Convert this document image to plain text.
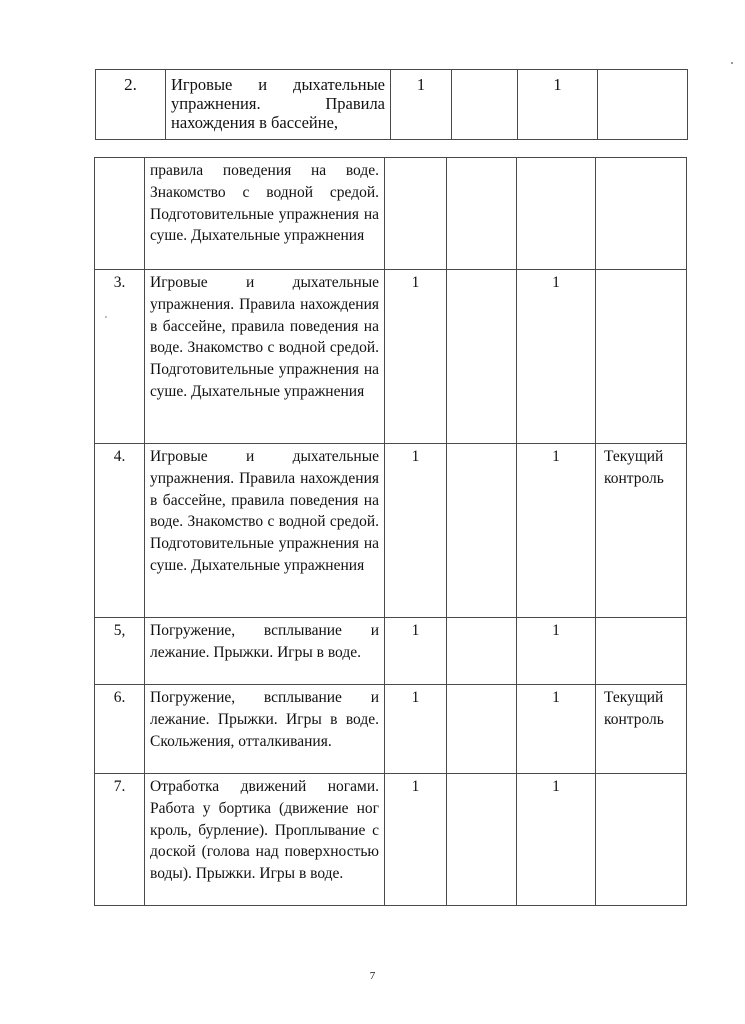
2.	Игровые и дыхательные упражнения. Правила нахождения в бассейне,	1		1	
	правила поведения на воде. Знакомство с водной средой. Подготовительные упражнения на суше. Дыхательные упражнения				
3.	Игровые и дыхательные упражнения. Правила нахождения в бассейне, правила поведения на воде. Знакомство с водной средой. Подготовительные упражнения на суше. Дыхательные упражнения	1		1	
4.	Игровые и дыхательные упражнения. Правила нахождения в бассейне, правила поведения на воде. Знакомство с водной средой. Подготовительные упражнения на суше. Дыхательные упражнения	1		1	Текущий контроль
5,	Погружение, всплывание и лежание. Прыжки. Игры в воде.	1		1	
6.	Погружение, всплывание и лежание. Прыжки. Игры в воде. Скольжения, отталкивания.	1		1	Текущий контроль
7.	Отработка движений ногами. Работа у бортика (движение ног кроль, бурление). Проплывание с доской (голова над поверхностью воды). Прыжки. Игры в воде.	1		1	
7
